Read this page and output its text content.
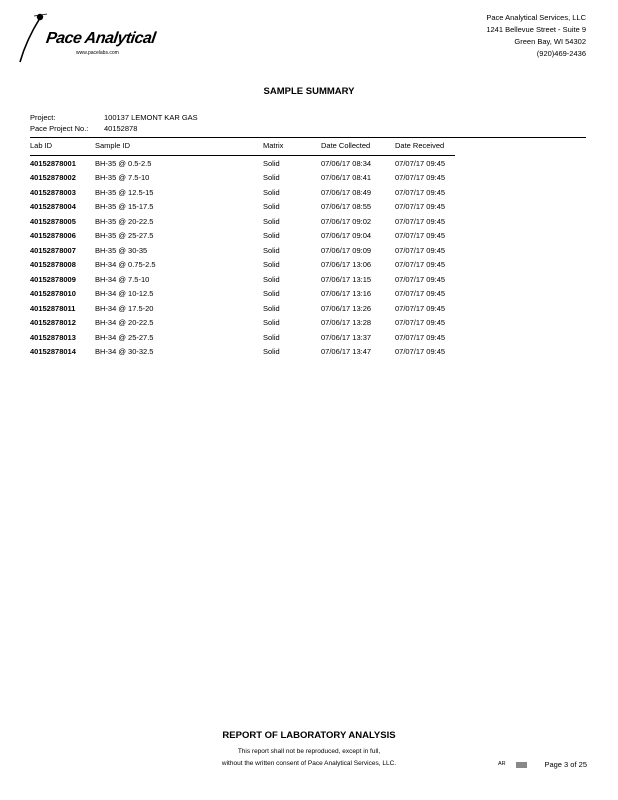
Pace Analytical
www.pacelabs.com
Pace Analytical Services, LLC
1241 Bellevue Street - Suite 9
Green Bay, WI 54302
(920)469-2436
SAMPLE SUMMARY
Project:	100137 LEMONT KAR GAS
Pace Project No.:	40152878
Lab ID	Sample ID	Matrix	Date Collected	Date Received
40152878001	BH-35 @ 0.5-2.5	Solid	07/06/17 08:34	07/07/17 09:45
40152878002	BH-35 @ 7.5-10	Solid	07/06/17 08:41	07/07/17 09:45
40152878003	BH-35 @ 12.5-15	Solid	07/06/17 08:49	07/07/17 09:45
40152878004	BH-35 @ 15-17.5	Solid	07/06/17 08:55	07/07/17 09:45
40152878005	BH-35 @ 20-22.5	Solid	07/06/17 09:02	07/07/17 09:45
40152878006	BH-35 @ 25-27.5	Solid	07/06/17 09:04	07/07/17 09:45
40152878007	BH-35 @ 30-35	Solid	07/06/17 09:09	07/07/17 09:45
40152878008	BH-34 @ 0.75-2.5	Solid	07/06/17 13:06	07/07/17 09:45
40152878009	BH-34 @ 7.5-10	Solid	07/06/17 13:15	07/07/17 09:45
40152878010	BH-34 @ 10-12.5	Solid	07/06/17 13:16	07/07/17 09:45
40152878011	BH-34 @ 17.5-20	Solid	07/06/17 13:26	07/07/17 09:45
40152878012	BH-34 @ 20-22.5	Solid	07/06/17 13:28	07/07/17 09:45
40152878013	BH-34 @ 25-27.5	Solid	07/06/17 13:37	07/07/17 09:45
40152878014	BH-34 @ 30-32.5	Solid	07/06/17 13:47	07/07/17 09:45
REPORT OF LABORATORY ANALYSIS
This report shall not be reproduced, except in full,
without the written consent of Pace Analytical Services, LLC.	AR	Page 3 of 25
